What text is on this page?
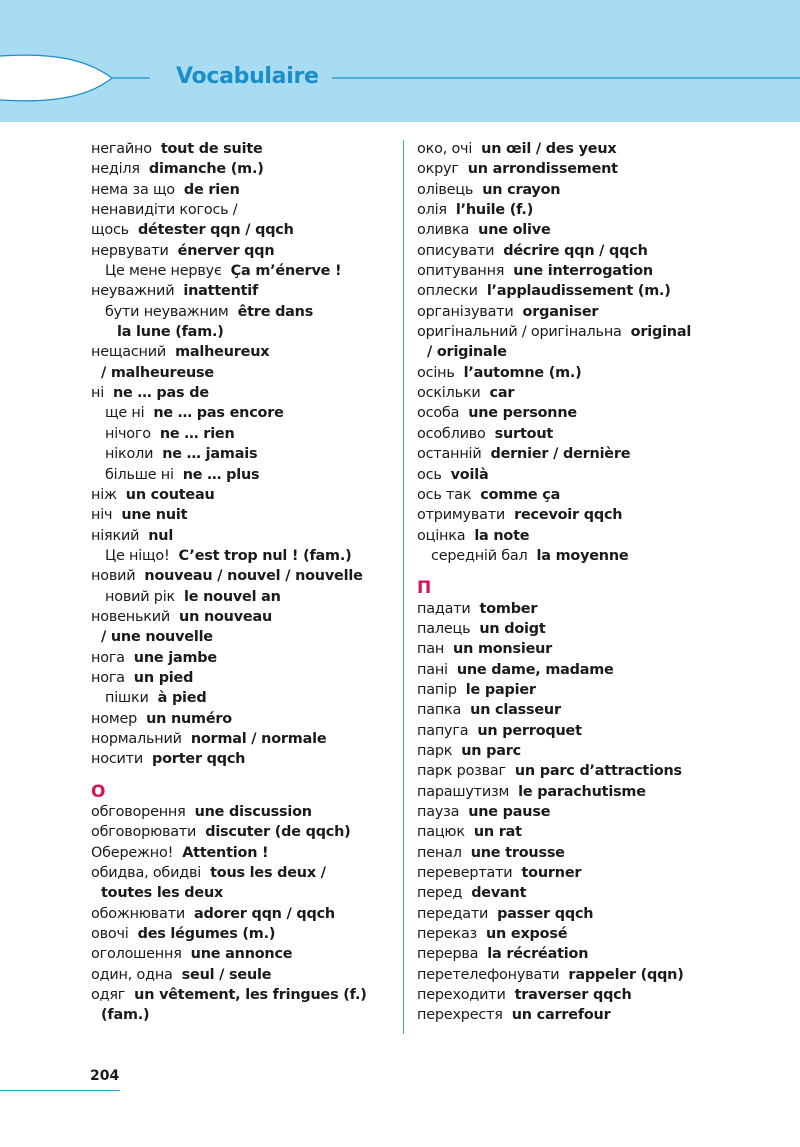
Vocabulaire
негайно tout de suite
неділя dimanche (m.)
нема за що de rien
ненавидіти когось /
щось détester qqn / qqch
нервувати énerver qqn
Це мене нервує Ça m’énerve !
неуважний inattentif
бути неуважним être dans
la lune (fam.)
нещасний malheureux
/ malheureuse
ні ne … pas de
ще ні ne … pas encore
нічого ne … rien
ніколи ne … jamais
більше ні ne … plus
ніж un couteau
ніч une nuit
ніякий nul
Це ніщо! C’est trop nul ! (fam.)
новий nouveau / nouvel / nouvelle
новий рік le nouvel an
новенький un nouveau
/ une nouvelle
нога une jambe
нога un pied
пішки à pied
номер un numéro
нормальний normal / normale
носити porter qqch
О
обговорення une discussion
обговорювати discuter (de qqch)
Обережно! Attention !
обидва, обидві tous les deux /
toutes les deux
обожнювати adorer qqn / qqch
овочі des légumes (m.)
оголошення une annonce
один, одна seul / seule
одяг un vêtement, les fringues (f.)
(fam.)
око, очі un œil / des yeux
округ un arrondissement
олівець un crayon
олія l’huile (f.)
оливка une olive
описувати décrire qqn / qqch
опитування une interrogation
оплески l’applaudissement (m.)
організувати organiser
оригінальний / оригінальна original
/ originale
осінь l’automne (m.)
оскільки car
особа une personne
особливо surtout
останній dernier / dernière
ось voilà
ось так comme ça
отримувати recevoir qqch
оцінка la note
середній бал la moyenne
П
падати tomber
палець un doigt
пан un monsieur
пані une dame, madame
папір le papier
папка un classeur
папуга un perroquet
парк un parc
парк розваг un parc d’attractions
парашутизм le parachutisme
пауза une pause
пацюк un rat
пенал une trousse
перевертати tourner
перед devant
передати passer qqch
переказ un exposé
перерва la récréation
перетелефонувати rappeler (qqn)
переходити traverser qqch
перехрестя un carrefour
204
